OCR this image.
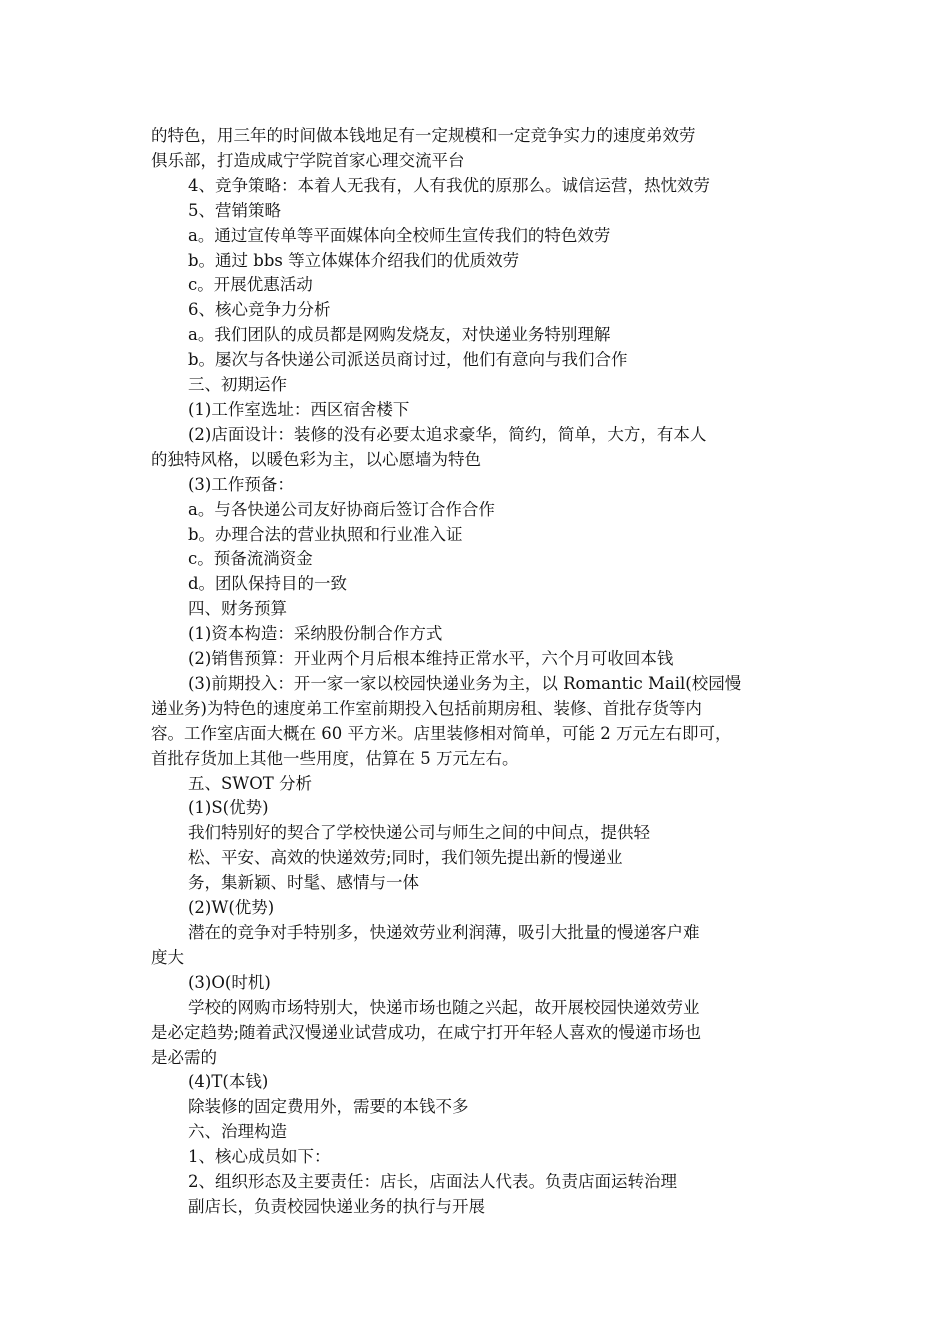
的特色，用三年的时间做本钱地足有一定规模和一定竞争实力的速度弟效劳
俱乐部，打造成咸宁学院首家心理交流平台
4、竞争策略：本着人无我有，人有我优的原那么。诚信运营，热忱效劳
5、营销策略
a。通过宣传单等平面媒体向全校师生宣传我们的特色效劳
b。通过 bbs 等立体媒体介绍我们的优质效劳
c。开展优惠活动
6、核心竞争力分析
a。我们团队的成员都是网购发烧友，对快递业务特别理解
b。屡次与各快递公司派送员商讨过，他们有意向与我们合作
三、初期运作
(1)工作室选址：西区宿舍楼下
(2)店面设计：装修的没有必要太追求豪华，简约，简单，大方，有本人
的独特风格，以暖色彩为主，以心愿墙为特色
(3)工作预备：
a。与各快递公司友好协商后签订合作合作
b。办理合法的营业执照和行业准入证
c。预备流淌资金
d。团队保持目的一致
四、财务预算
(1)资本构造：采纳股份制合作方式
(2)销售预算：开业两个月后根本维持正常水平，六个月可收回本钱
(3)前期投入：开一家一家以校园快递业务为主，以 Romantic Mail(校园慢
递业务)为特色的速度弟工作室前期投入包括前期房租、装修、首批存货等内
容。工作室店面大概在 60 平方米。店里装修相对简单，可能 2 万元左右即可，
首批存货加上其他一些用度，估算在 5 万元左右。
五、SWOT 分析
(1)S(优势)
我们特别好的契合了学校快递公司与师生之间的中间点，提供轻
松、平安、高效的快递效劳;同时，我们领先提出新的慢递业
务，集新颖、时髦、感情与一体
(2)W(优势)
潜在的竞争对手特别多，快递效劳业利润薄，吸引大批量的慢递客户难
度大
(3)O(时机)
学校的网购市场特别大，快递市场也随之兴起，故开展校园快递效劳业
是必定趋势;随着武汉慢递业试营成功，在咸宁打开年轻人喜欢的慢递市场也
是必需的
(4)T(本钱)
除装修的固定费用外，需要的本钱不多
六、治理构造
1、核心成员如下：
2、组织形态及主要责任：店长，店面法人代表。负责店面运转治理
副店长，负责校园快递业务的执行与开展
